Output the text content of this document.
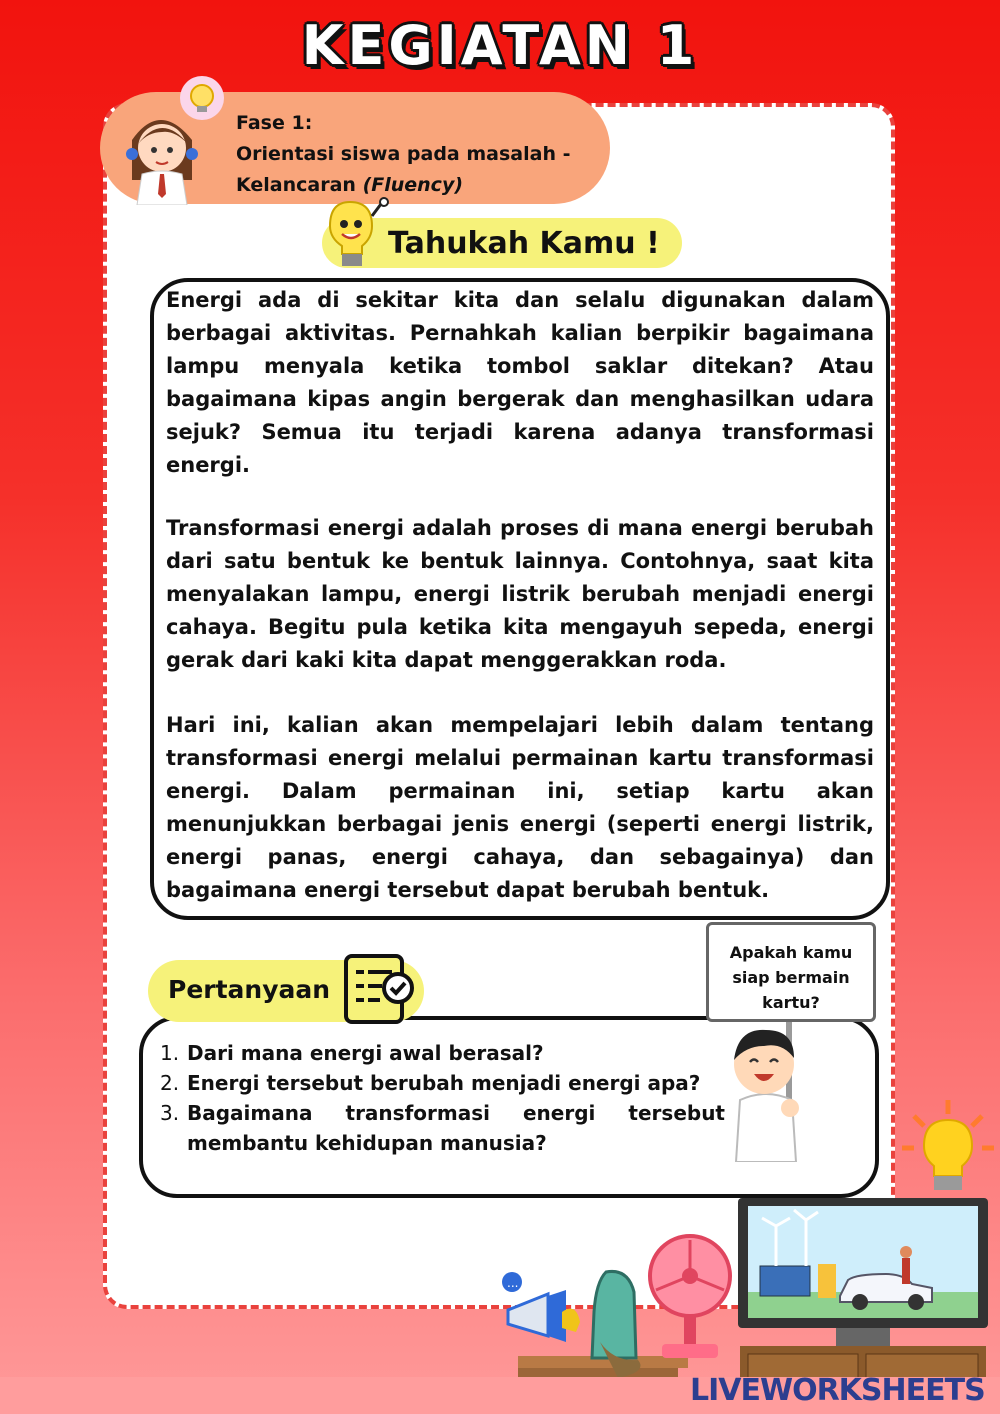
KEGIATAN 1
Fase 1:
Orientasi siswa pada masalah -
Kelancaran (Fluency)
Tahukah Kamu !
Energi ada di sekitar kita dan selalu digunakan dalam berbagai aktivitas. Pernahkah kalian berpikir bagaimana lampu menyala ketika tombol saklar ditekan? Atau bagaimana kipas angin bergerak dan menghasilkan udara sejuk? Semua itu terjadi karena adanya transformasi energi.
Transformasi energi adalah proses di mana energi berubah dari satu bentuk ke bentuk lainnya. Contohnya, saat kita menyalakan lampu, energi listrik berubah menjadi energi cahaya. Begitu pula ketika kita mengayuh sepeda, energi gerak dari kaki kita dapat menggerakkan roda.
Hari ini, kalian akan mempelajari lebih dalam tentang transformasi energi melalui permainan kartu transformasi energi. Dalam permainan ini, setiap kartu akan menunjukkan berbagai jenis energi (seperti energi listrik, energi panas, energi cahaya, dan sebagainya) dan bagaimana energi tersebut dapat berubah bentuk.
Pertanyaan
1. Dari mana energi awal berasal?
2. Energi tersebut berubah menjadi energi apa?
3. Bagaimana transformasi energi tersebut membantu kehidupan manusia?
Apakah kamu
siap bermain
kartu?
...
LIVEWORKSHEETS
